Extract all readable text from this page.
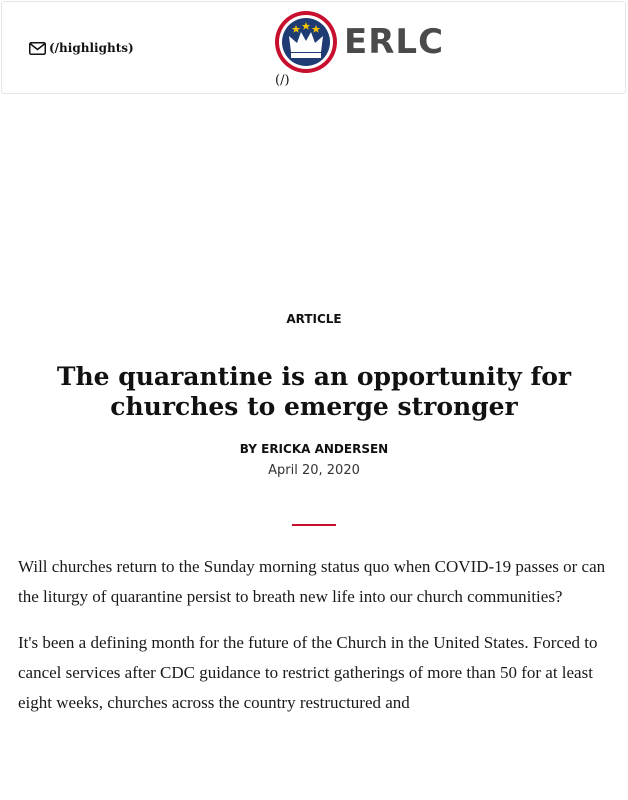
(/highlights)	ERLC
(/)
ARTICLE
The quarantine is an opportunity for churches to emerge stronger
BY ERICKA ANDERSEN
April 20, 2020

Will churches return to the Sunday morning status quo when COVID-19 passes or can the liturgy of quarantine persist to breath new life into our church communities?

It's been a defining month for the future of the Church in the United States. Forced to cancel services after CDC guidance to restrict gatherings of more than 50 for at least eight weeks, churches across the country restructured and
